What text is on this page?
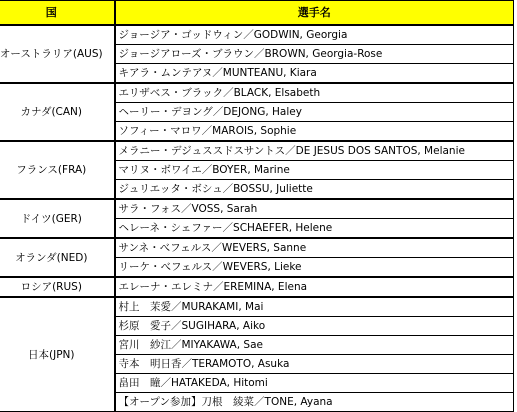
国	選手名
オーストラリア(AUS)	ジョージア・ゴッドウィン／GODWIN, Georgia
	ジョージアローズ・ブラウン／BROWN, Georgia-Rose
	キアラ・ムンテアヌ／MUNTEANU, Kiara
カナダ(CAN)	エリザベス・ブラック／BLACK, Elsabeth
	ヘーリー・デヨング／DEJONG, Haley
	ソフィー・マロワ／MAROIS, Sophie
フランス(FRA)	メラニー・デジュススドスサントス／DE JESUS DOS SANTOS, Melanie
	マリヌ・ボワイエ／BOYER, Marine
	ジュリエッタ・ボシュ／BOSSU, Juliette
ドイツ(GER)	サラ・フォス／VOSS, Sarah
	ヘレーネ・シェファー／SCHAEFER, Helene
オランダ(NED)	サンネ・べフェルス／WEVERS, Sanne
	リーケ・べフェルス／WEVERS, Lieke
ロシア(RUS)	エレーナ・エレミナ／EREMINA, Elena
日本(JPN)	村上　茉愛／MURAKAMI, Mai
	杉原　愛子／SUGIHARA, Aiko
	宮川　紗江／MIYAKAWA, Sae
	寺本　明日香／TERAMOTO, Asuka
	畠田　瞳／HATAKEDA, Hitomi
	【オープン参加】刀根　綾菜／TONE, Ayana
